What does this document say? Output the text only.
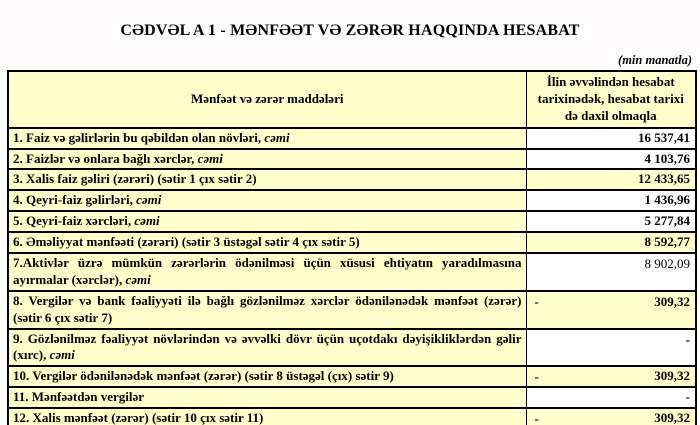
CƏDVƏL A 1 - MƏNFƏƏT VƏ ZƏRƏR HAQQINDA HESABAT
(min manatla)
Mənfəət və zərər maddələri	İlin əvvəlindən hesabat tarixinədək, hesabat tarixi də daxil olmaqla
1. Faiz və gəlirlərin bu qəbildən olan növləri, cəmi	16 537,41
2. Faizlər və onlara bağlı xərclər, cəmi	4 103,76
3. Xalis faiz gəliri (zərəri) (sətir 1 çıx sətir 2)	12 433,65
4. Qeyri-faiz gəlirləri, cəmi	1 436,96
5. Qeyri-faiz xərcləri, cəmi	5 277,84
6. Əməliyyat mənfəəti (zərəri) (sətir 3 üstəgəl sətir 4 çıx sətir 5)	8 592,77
7.Aktivlər üzrə mümkün zərərlərin ödənilməsi üçün xüsusi ehtiyatın yaradılmasına ayırmalar (xərclər), cəmi	8 902,09
8. Vergilər və bank fəaliyyəti ilə bağlı gözlənilməz xərclər ödənilənədək mənfəət (zərər) (sətir 6 çıx sətir 7)	- 309,32
9. Gözlənilməz fəaliyyət növlərindən və əvvəlki dövr üçün uçotdakı dəyişikliklərdən gəlir (xırc), cəmi	-
10. Vergilər ödənilənədək mənfəət (zərər) (sətir 8 üstəgəl (çıx) sətir 9)	- 309,32
11. Mənfəətdən vergilər	-
12. Xalis mənfəət (zərər) (sətir 10 çıx sətir 11)	- 309,32
